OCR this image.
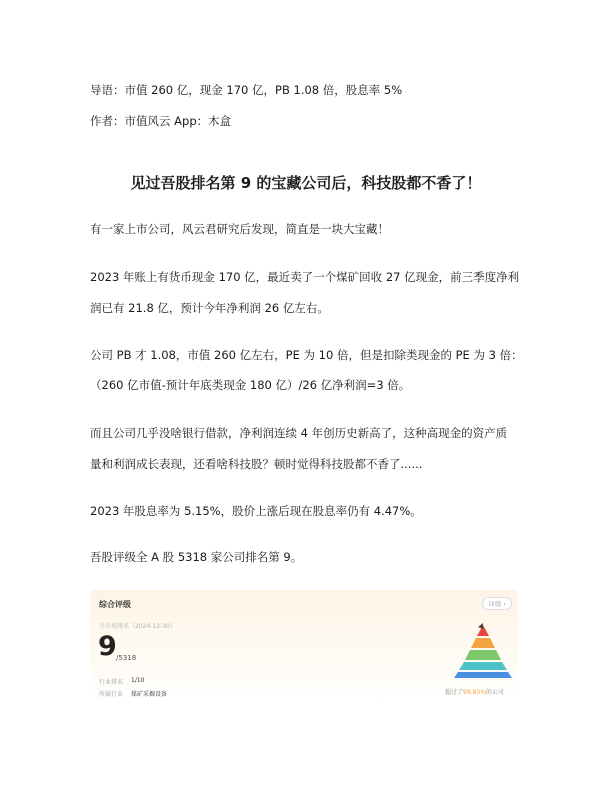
导语：市值 260 亿，现金 170 亿，PB 1.08 倍，股息率 5%
作者：市值风云 App：木盒
见过吾股排名第 9 的宝藏公司后，科技股都不香了！
有一家上市公司，风云君研究后发现，简直是一块大宝藏！
2023 年账上有货币现金 170 亿，最近卖了一个煤矿回收 27 亿现金，前三季度净利
润已有 21.8 亿，预计今年净利润 26 亿左右。
公司 PB 才 1.08，市值 260 亿左右，PE 为 10 倍，但是扣除类现金的 PE 为 3 倍：
（260 亿市值-预计年底类现金 180 亿）/26 亿净利润=3 倍。
而且公司几乎没啥银行借款，净利润连续 4 年创历史新高了，这种高现金的资产质
量和利润成长表现，还看啥科技股？顿时觉得科技股都不香了......
2023 年股息率为 5.15%，股价上涨后现在股息率仍有 4.47%。
吾股评级全 A 股 5318 家公司排名第 9。
综合评级	评级 ›
全市场排名（2024-12-30）
9 /5318
行业排名 1/10
所属行业 煤矿采掘设备	超过了99.83%的公司
